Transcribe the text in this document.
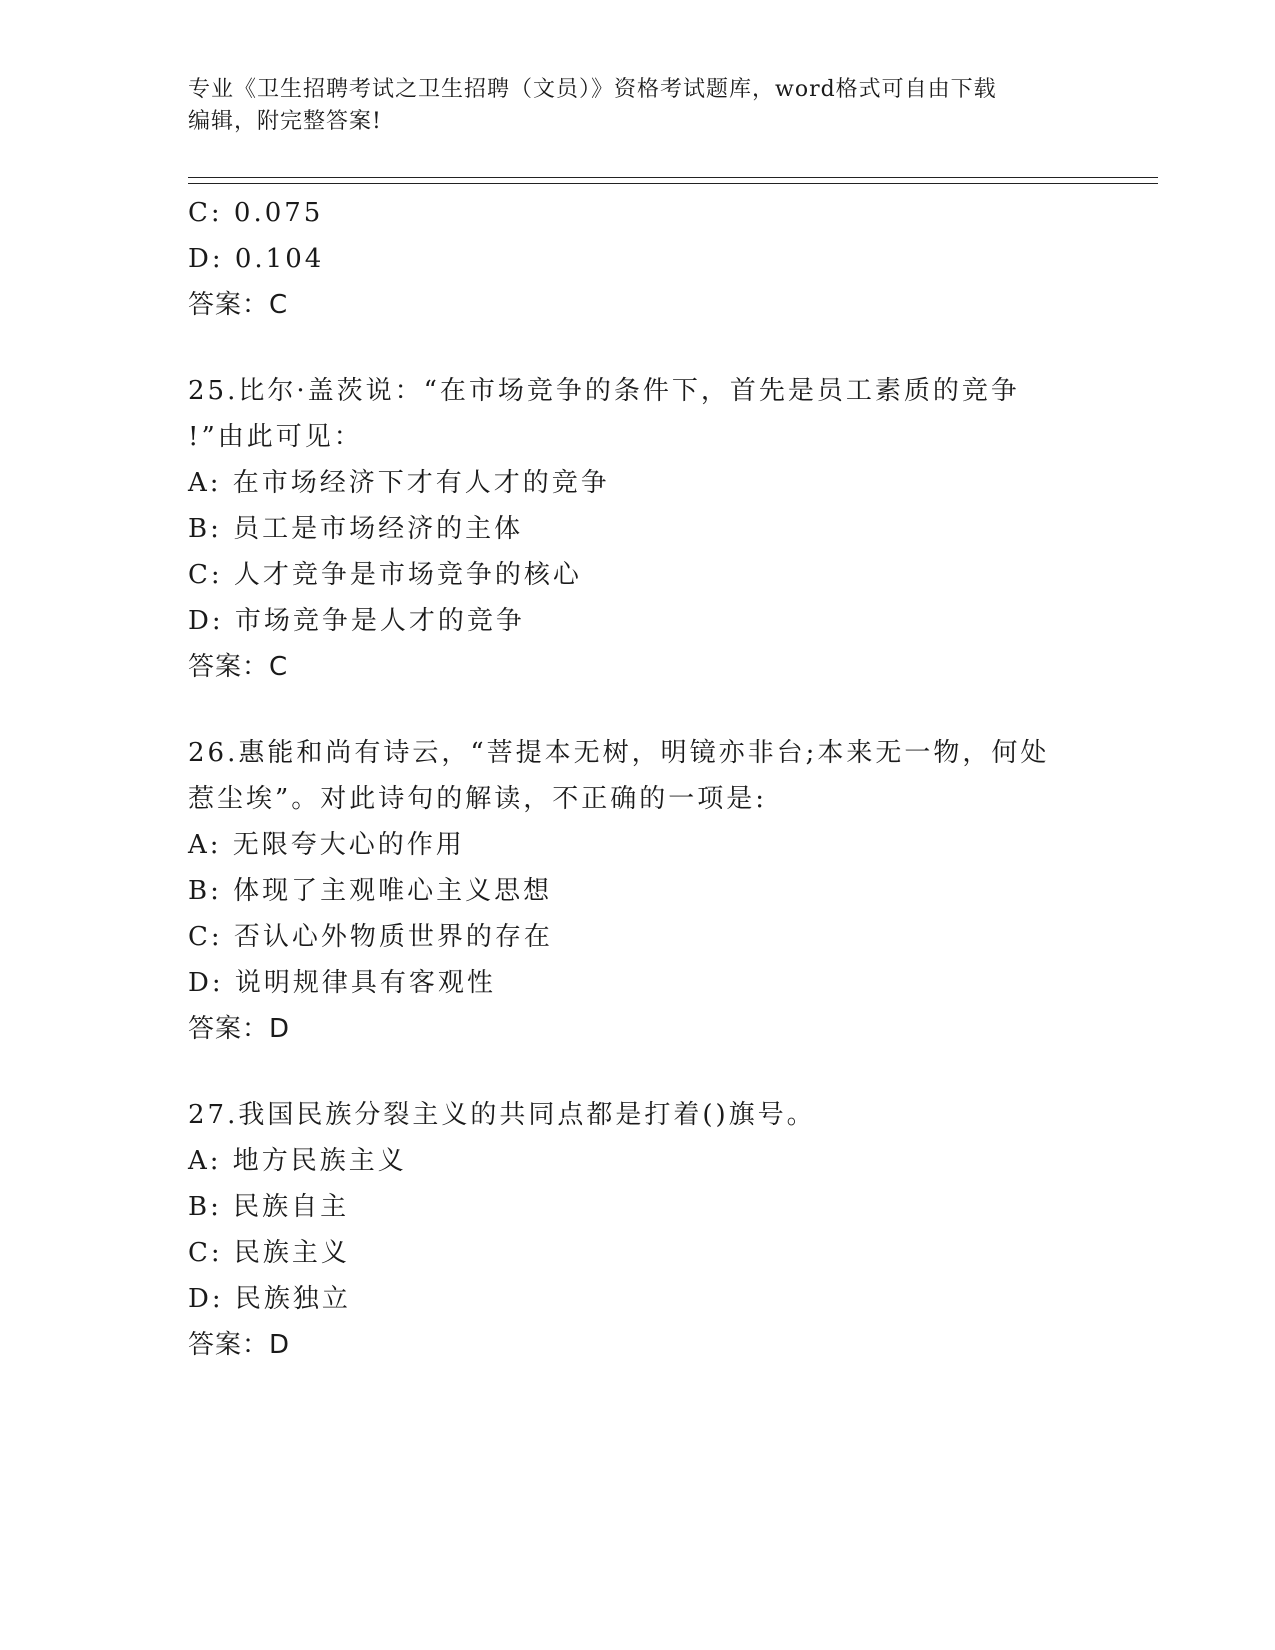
专业《卫生招聘考试之卫生招聘（文员）》资格考试题库，word格式可自由下载
编辑，附完整答案!
C: 0.075
D: 0.104
答案：C
25.比尔·盖茨说：“在市场竞争的条件下，首先是员工素质的竞争
!”由此可见：
A: 在市场经济下才有人才的竞争
B: 员工是市场经济的主体
C: 人才竞争是市场竞争的核心
D: 市场竞争是人才的竞争
答案：C
26.惠能和尚有诗云，“菩提本无树，明镜亦非台;本来无一物，何处
惹尘埃”。对此诗句的解读，不正确的一项是:
A: 无限夸大心的作用
B: 体现了主观唯心主义思想
C: 否认心外物质世界的存在
D: 说明规律具有客观性
答案：D
27.我国民族分裂主义的共同点都是打着()旗号。
A: 地方民族主义
B: 民族自主
C: 民族主义
D: 民族独立
答案：D
